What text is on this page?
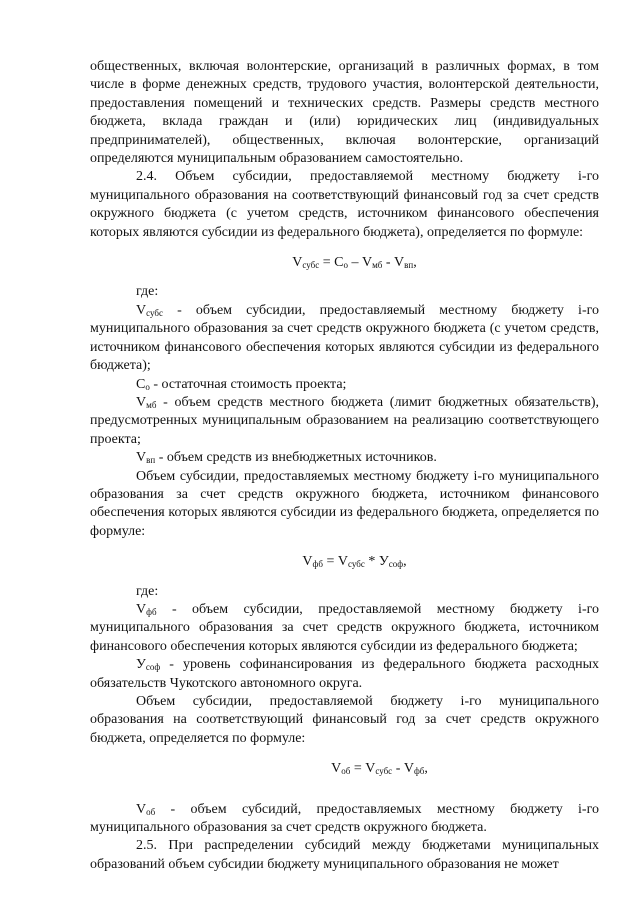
общественных, включая волонтерские, организаций в различных формах, в том числе в форме денежных средств, трудового участия, волонтерской деятельности, предоставления помещений и технических средств. Размеры средств местного бюджета, вклада граждан и (или) юридических лиц (индивидуальных предпринимателей), общественных, включая волонтерские, организаций определяются муниципальным образованием самостоятельно.

2.4. Объем субсидии, предоставляемой местному бюджету i-го муниципального образования на соответствующий финансовый год за счет средств окружного бюджета (с учетом средств, источником финансового обеспечения которых являются субсидии из федерального бюджета), определяется по формуле:

$V_{субс} = C_о - V_{мб} - V_{вп}$,

где:

$V_{субс}$ - объем субсидии, предоставляемый местному бюджету i-го муниципального образования за счет средств окружного бюджета (с учетом средств, источником финансового обеспечения которых являются субсидии из федерального бюджета);

$C_о$ - остаточная стоимость проекта;

$V_{мб}$ - объем средств местного бюджета (лимит бюджетных обязательств), предусмотренных муниципальным образованием на реализацию соответствующего проекта;

$V_{вп}$ - объем средств из внебюджетных источников.

Объем субсидии, предоставляемых местному бюджету i-го муниципального образования за счет средств окружного бюджета, источником финансового обеспечения которых являются субсидии из федерального бюджета, определяется по формуле:

$V_{фб} = V_{субс} * У_{соф}$,

где:

$V_{фб}$ - объем субсидии, предоставляемой местному бюджету i-го муниципального образования за счет средств окружного бюджета, источником финансового обеспечения которых являются субсидии из федерального бюджета;

$У_{соф}$ - уровень софинансирования из федерального бюджета расходных обязательств Чукотского автономного округа.

Объем субсидии, предоставляемой бюджету i-го муниципального образования на соответствующий финансовый год за счет средств окружного бюджета, определяется по формуле:

$V_{об} = V_{субс} - V_{фб}$,

$V_{об}$ - объем субсидий, предоставляемых местному бюджету i-го муниципального образования за счет средств окружного бюджета.

2.5. При распределении субсидий между бюджетами муниципальных образований объем субсидии бюджету муниципального образования не может
